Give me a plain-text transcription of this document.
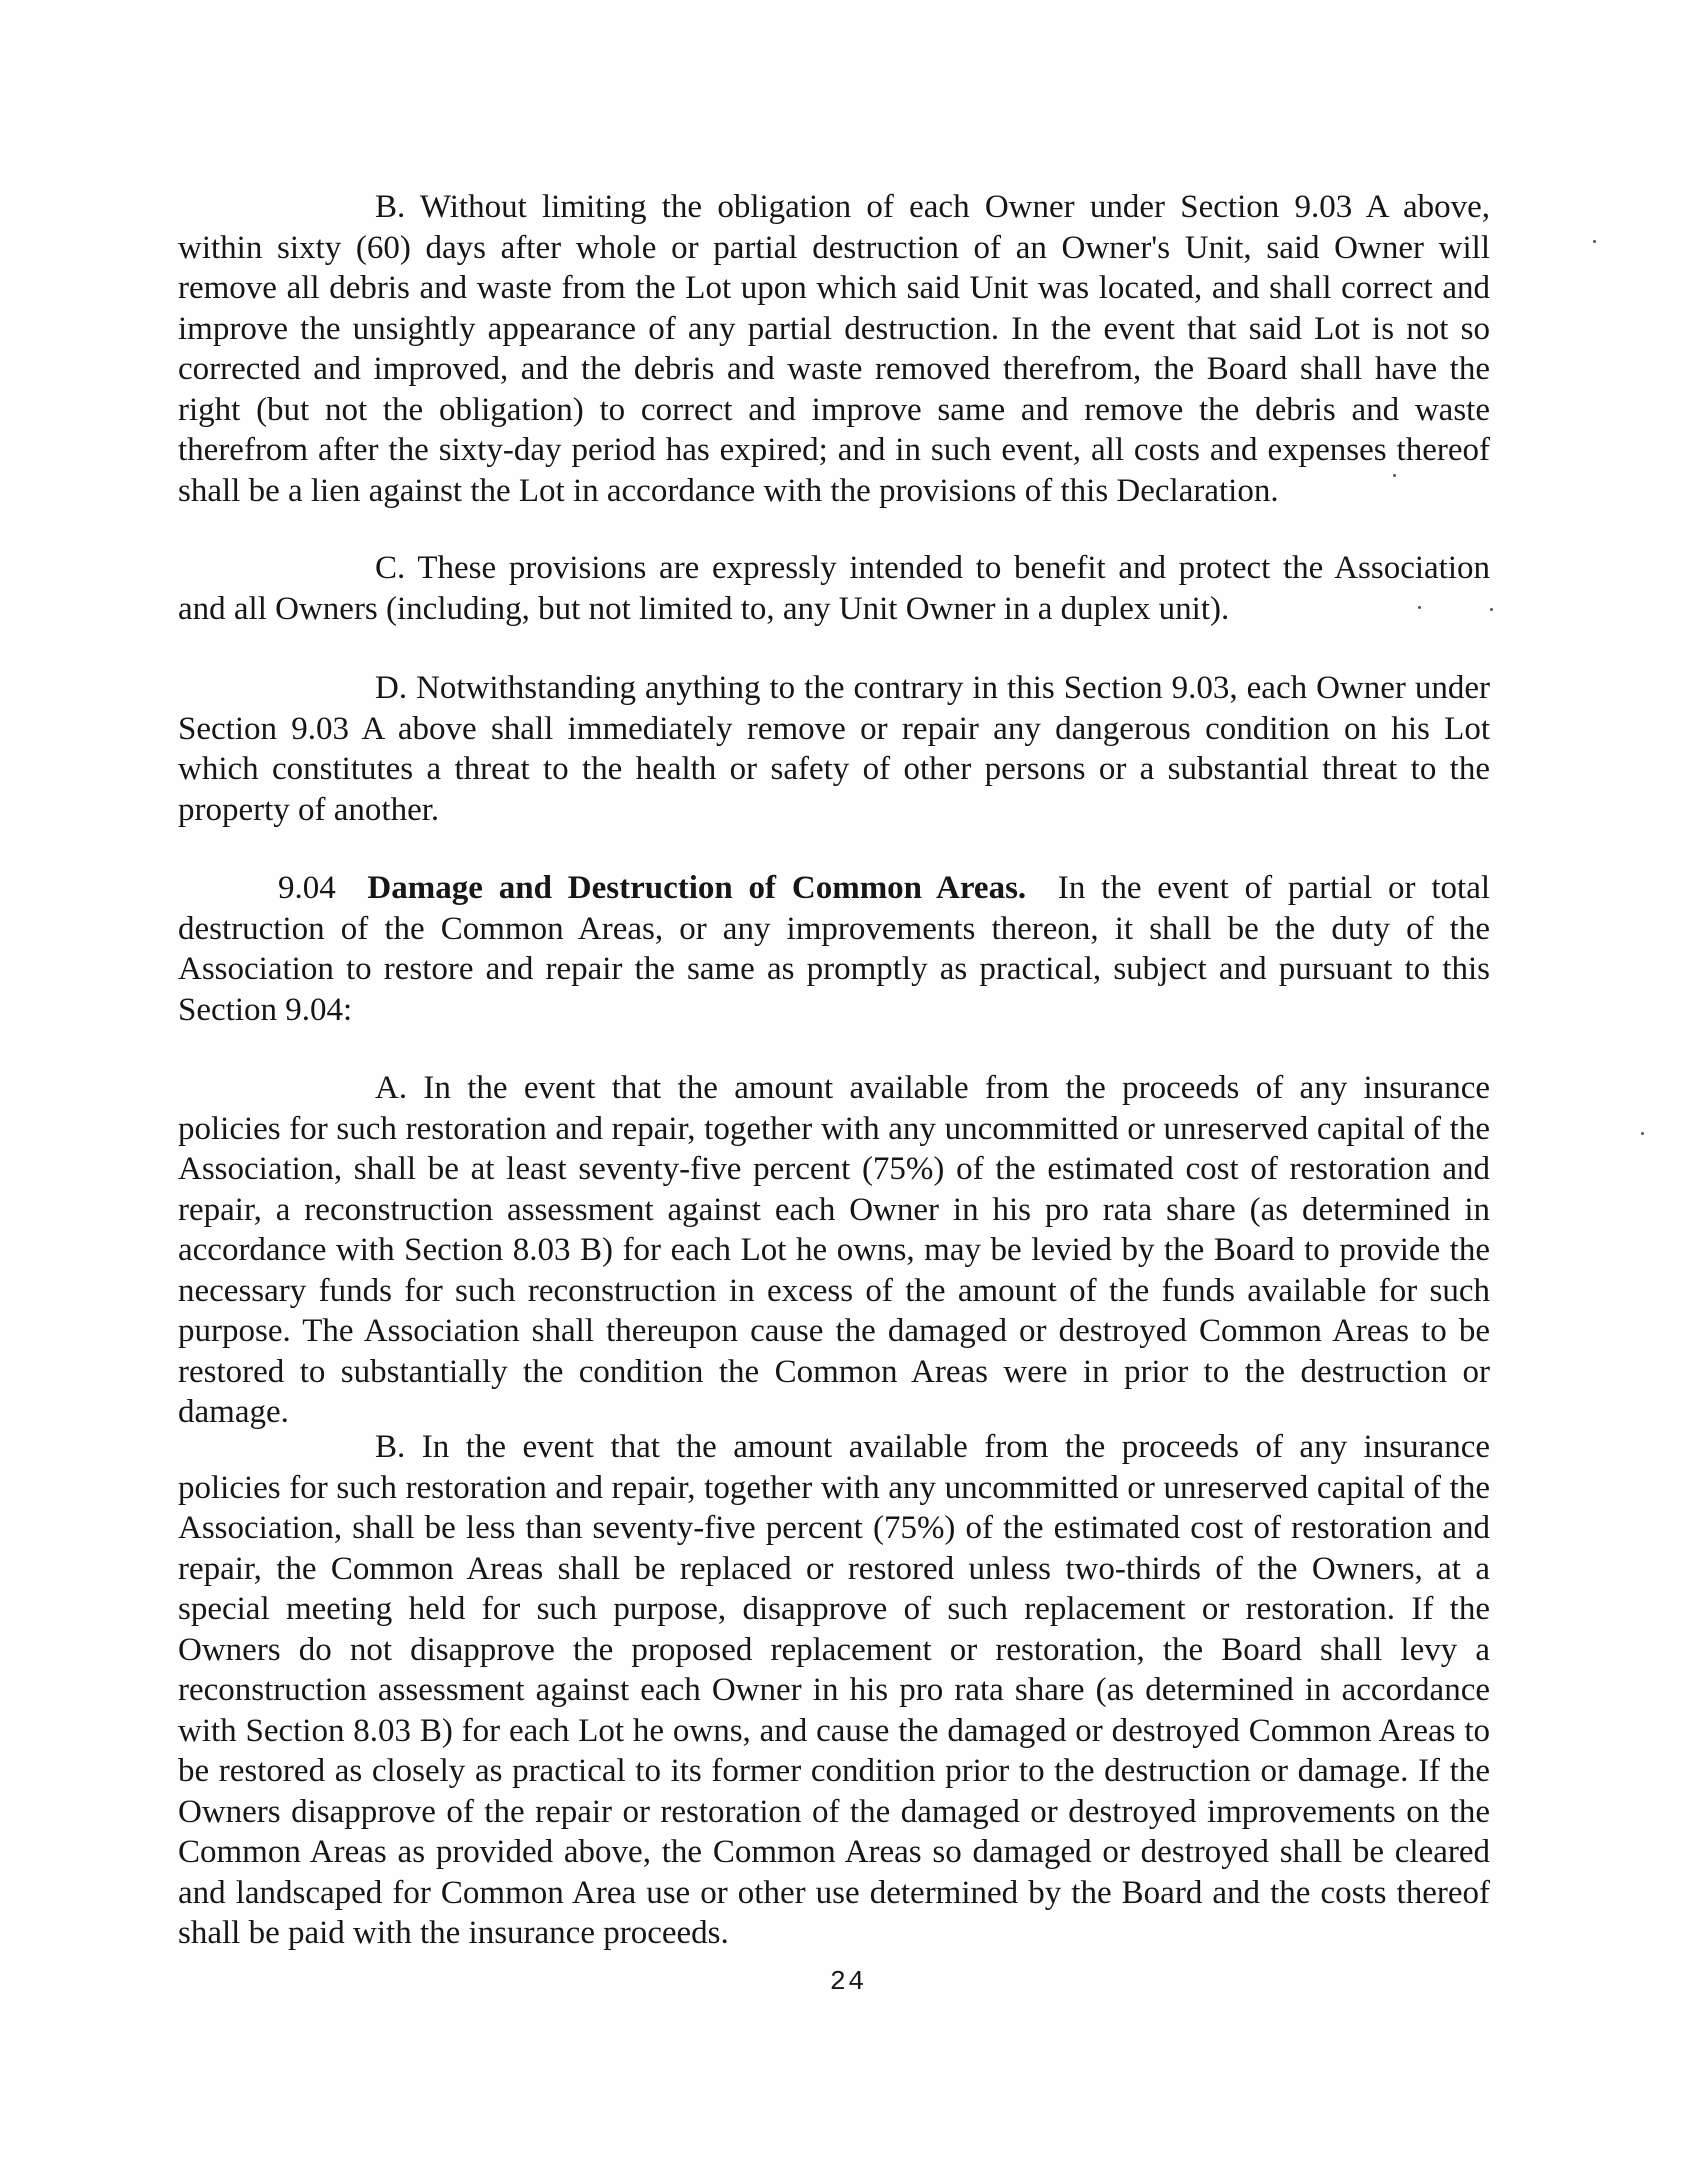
B. Without limiting the obligation of each Owner under Section 9.03 A above, within sixty (60) days after whole or partial destruction of an Owner's Unit, said Owner will remove all debris and waste from the Lot upon which said Unit was located, and shall correct and improve the unsightly appearance of any partial destruction. In the event that said Lot is not so corrected and improved, and the debris and waste removed therefrom, the Board shall have the right (but not the obligation) to correct and improve same and remove the debris and waste therefrom after the sixty-day period has expired; and in such event, all costs and expenses thereof shall be a lien against the Lot in accordance with the provisions of this Declaration.

C. These provisions are expressly intended to benefit and protect the Association and all Owners (including, but not limited to, any Unit Owner in a duplex unit).

D. Notwithstanding anything to the contrary in this Section 9.03, each Owner under Section 9.03 A above shall immediately remove or repair any dangerous condition on his Lot which constitutes a threat to the health or safety of other persons or a substantial threat to the property of another.

9.04 Damage and Destruction of Common Areas. In the event of partial or total destruction of the Common Areas, or any improvements thereon, it shall be the duty of the Association to restore and repair the same as promptly as practical, subject and pursuant to this Section 9.04:

A. In the event that the amount available from the proceeds of any insurance policies for such restoration and repair, together with any uncommitted or unreserved capital of the Association, shall be at least seventy-five percent (75%) of the estimated cost of restoration and repair, a reconstruction assessment against each Owner in his pro rata share (as determined in accordance with Section 8.03 B) for each Lot he owns, may be levied by the Board to provide the necessary funds for such reconstruction in excess of the amount of the funds available for such purpose. The Association shall thereupon cause the damaged or destroyed Common Areas to be restored to substantially the condition the Common Areas were in prior to the destruction or damage.

B. In the event that the amount available from the proceeds of any insurance policies for such restoration and repair, together with any uncommitted or unreserved capital of the Association, shall be less than seventy-five percent (75%) of the estimated cost of restoration and repair, the Common Areas shall be replaced or restored unless two-thirds of the Owners, at a special meeting held for such purpose, disapprove of such replacement or restoration. If the Owners do not disapprove the proposed replacement or restoration, the Board shall levy a reconstruction assessment against each Owner in his pro rata share (as determined in accordance with Section 8.03 B) for each Lot he owns, and cause the damaged or destroyed Common Areas to be restored as closely as practical to its former condition prior to the destruction or damage. If the Owners disapprove of the repair or restoration of the damaged or destroyed improvements on the Common Areas as provided above, the Common Areas so damaged or destroyed shall be cleared and landscaped for Common Area use or other use determined by the Board and the costs thereof shall be paid with the insurance proceeds.

24
